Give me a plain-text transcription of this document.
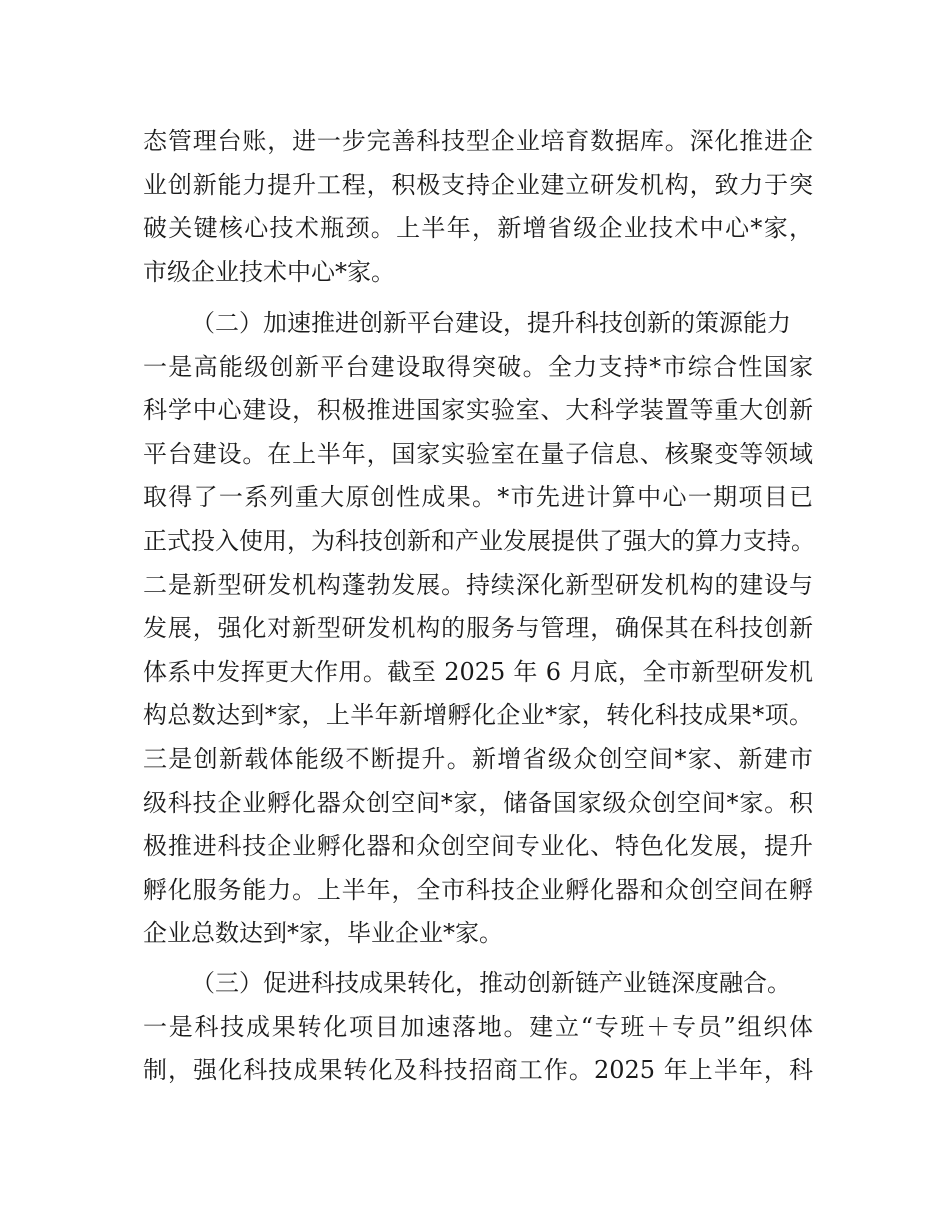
态管理台账，进一步完善科技型企业培育数据库。深化推进企
业创新能力提升工程，积极支持企业建立研发机构，致力于突
破关键核心技术瓶颈。上半年，新增省级企业技术中心*家，
市级企业技术中心*家。
（二）加速推进创新平台建设，提升科技创新的策源能力
一是高能级创新平台建设取得突破。全力支持*市综合性国家
科学中心建设，积极推进国家实验室、大科学装置等重大创新
平台建设。在上半年，国家实验室在量子信息、核聚变等领域
取得了一系列重大原创性成果。*市先进计算中心一期项目已
正式投入使用，为科技创新和产业发展提供了强大的算力支持。
二是新型研发机构蓬勃发展。持续深化新型研发机构的建设与
发展，强化对新型研发机构的服务与管理，确保其在科技创新
体系中发挥更大作用。截至 2025 年 6 月底，全市新型研发机
构总数达到*家，上半年新增孵化企业*家，转化科技成果*项。
三是创新载体能级不断提升。新增省级众创空间*家、新建市
级科技企业孵化器众创空间*家，储备国家级众创空间*家。积
极推进科技企业孵化器和众创空间专业化、特色化发展，提升
孵化服务能力。上半年，全市科技企业孵化器和众创空间在孵
企业总数达到*家，毕业企业*家。
（三）促进科技成果转化，推动创新链产业链深度融合。
一是科技成果转化项目加速落地。建立“专班＋专员”组织体
制，强化科技成果转化及科技招商工作。2025 年上半年，科
